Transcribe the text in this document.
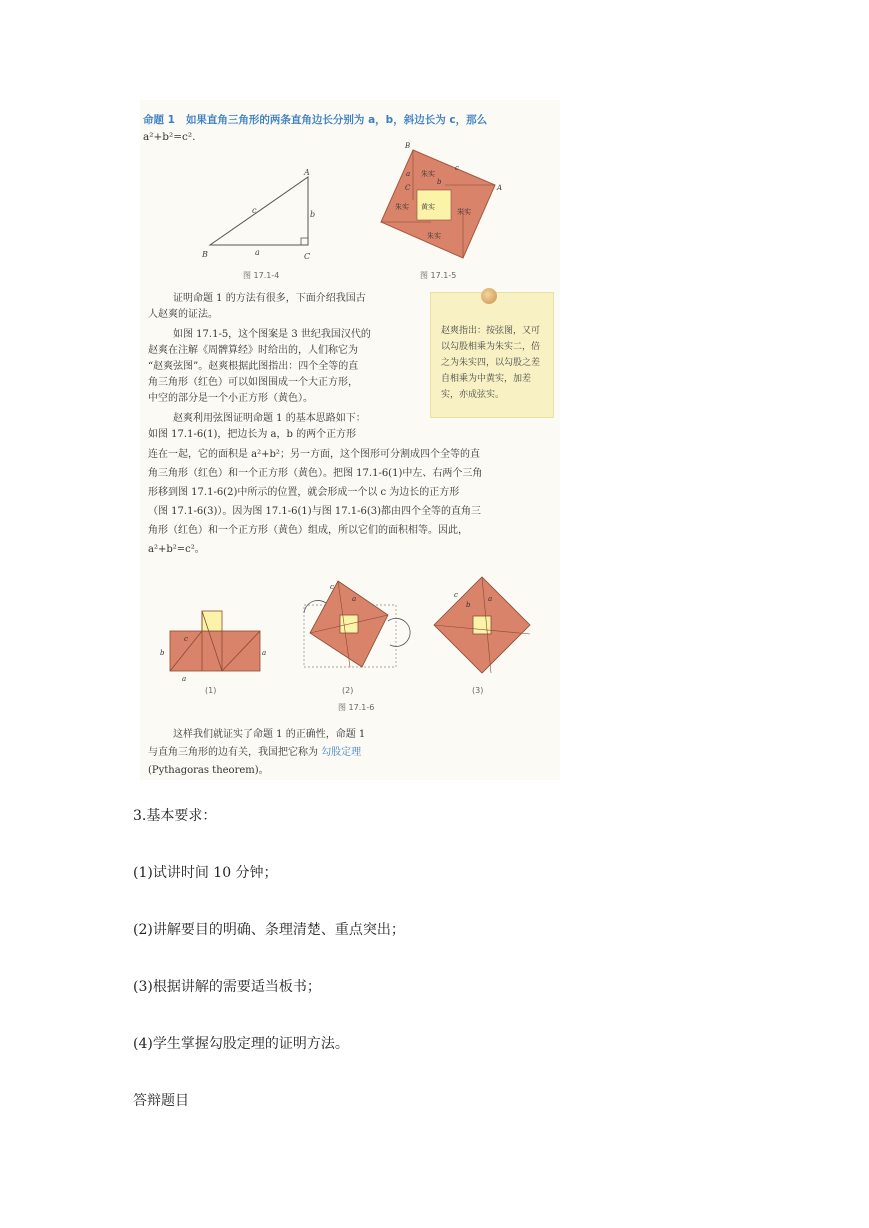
命题 1 如果直角三角形的两条直角边长分别为 a，b，斜边长为 c，那么
a²+b²=c².
B	C
A
a
b
c
图 17.1-4
黄实
朱实
朱实
朱实
朱实
B
A
C
c
a
b
图 17.1-5
证明命题 1 的方法有很多，下面介绍我国古
人赵爽的证法。
如图 17.1-5，这个图案是 3 世纪我国汉代的
赵爽在注解《周髀算经》时给出的，人们称它为
“赵爽弦图”。赵爽根据此图指出：四个全等的直
角三角形（红色）可以如图围成一个大正方形，
中空的部分是一个小正方形（黄色）。
赵爽利用弦图证明命题 1 的基本思路如下：
如图 17.1-6(1)，把边长为 a，b 的两个正方形
连在一起，它的面积是 a²+b²；另一方面，这个图形可分割成四个全等的直
角三角形（红色）和一个正方形（黄色）。把图 17.1-6(1)中左、右两个三角
形移到图 17.1-6(2)中所示的位置，就会形成一个以 c 为边长的正方形
（图 17.1-6(3)）。因为图 17.1-6(1)与图 17.1-6(3)都由四个全等的直角三
角形（红色）和一个正方形（黄色）组成，所以它们的面积相等。因此，
a²+b²=c²。
赵爽指出：按弦图，又可以勾股相乘为朱实二，倍之为朱实四，以勾股之差自相乘为中黄实，加差实，亦成弦实。
b
c
a
a
(1)
c
a
(2)
c
b
a
(3)
图 17.1-6
这样我们就证实了命题 1 的正确性，命题 1
与直角三角形的边有关，我国把它称为 勾股定理
(Pythagoras theorem)。
3.基本要求：
(1)试讲时间 10 分钟；
(2)讲解要目的明确、条理清楚、重点突出；
(3)根据讲解的需要适当板书；
(4)学生掌握勾股定理的证明方法。
答辩题目
